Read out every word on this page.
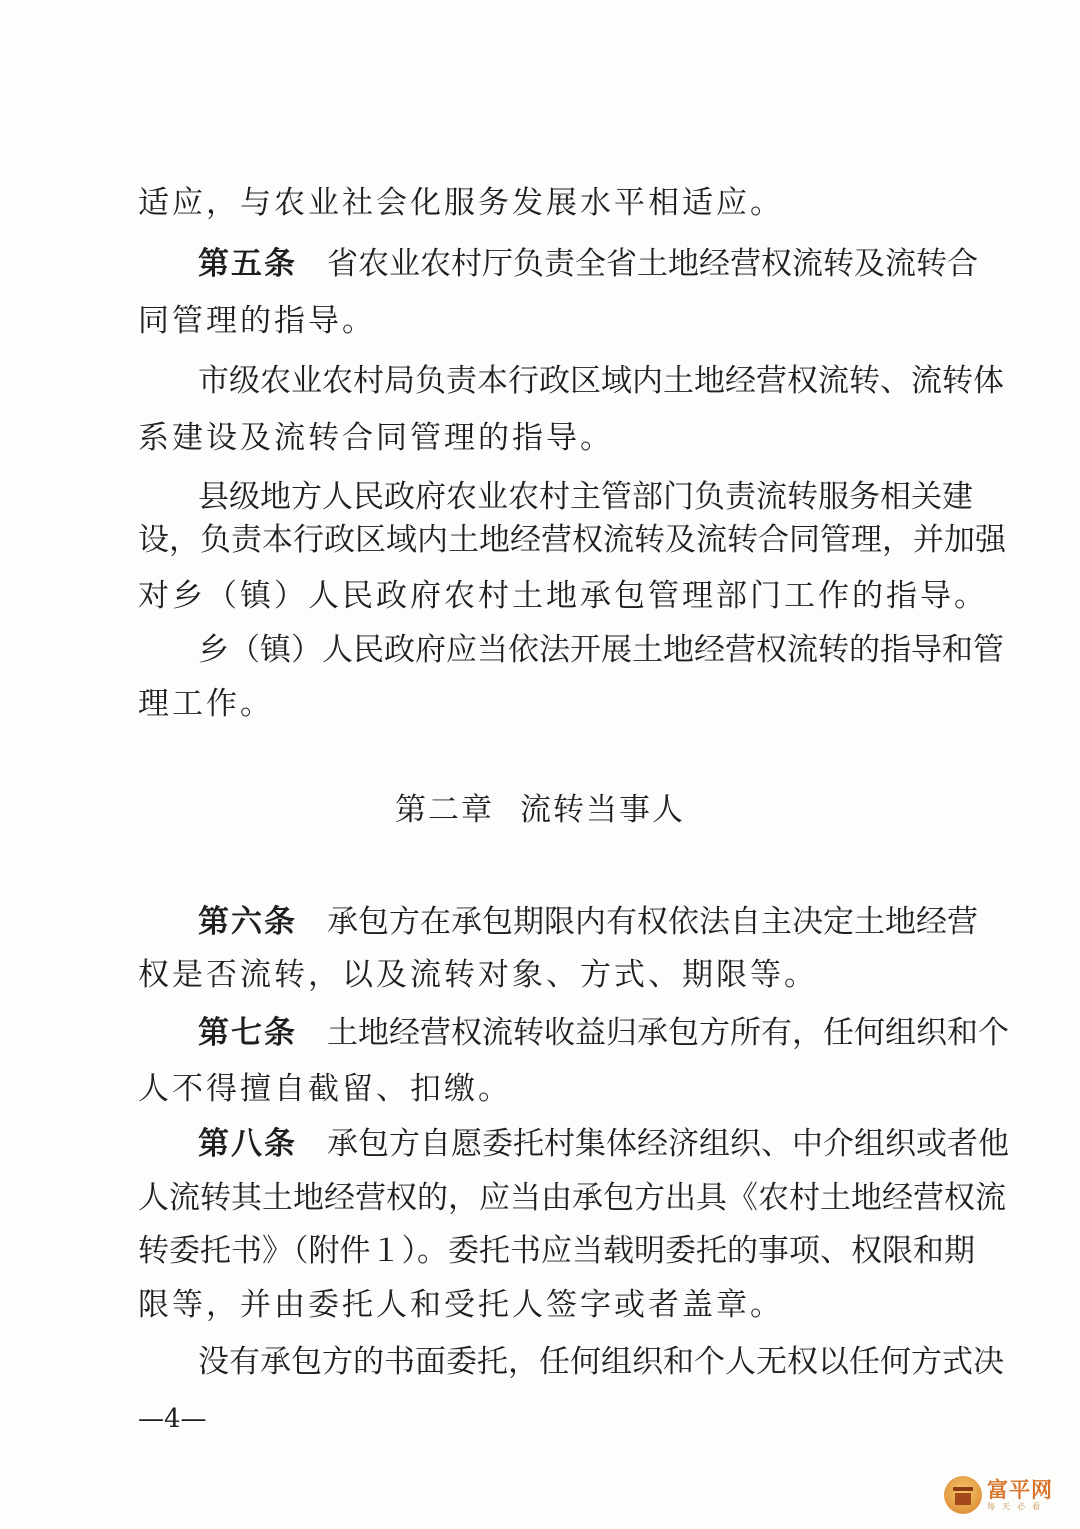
适应，与农业社会化服务发展水平相适应。
第五条 省农业农村厅负责全省土地经营权流转及流转合
同管理的指导。
市级农业农村局负责本行政区域内土地经营权流转、流转体
系建设及流转合同管理的指导。
县级地方人民政府农业农村主管部门负责流转服务相关建
设，负责本行政区域内土地经营权流转及流转合同管理，并加强
对乡（镇）人民政府农村土地承包管理部门工作的指导。
乡（镇）人民政府应当依法开展土地经营权流转的指导和管
理工作。
第二章 流转当事人
第六条 承包方在承包期限内有权依法自主决定土地经营
权是否流转，以及流转对象、方式、期限等。
第七条 土地经营权流转收益归承包方所有，任何组织和个
人不得擅自截留、扣缴。
第八条 承包方自愿委托村集体经济组织、中介组织或者他
人流转其土地经营权的，应当由承包方出具《农村土地经营权流
转委托书》（附件１）。委托书应当载明委托的事项、权限和期
限等，并由委托人和受托人签字或者盖章。
没有承包方的书面委托，任何组织和个人无权以任何方式决
—4—
富平网
每天必看
